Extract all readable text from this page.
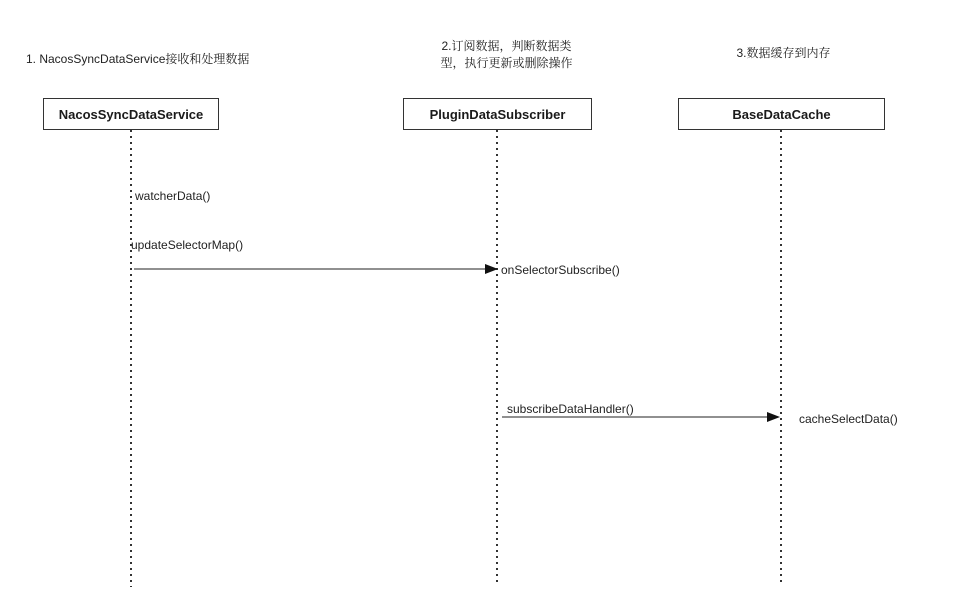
1. NacosSyncDataService接收和处理数据
2.订阅数据，判断数据类
型，执行更新或删除操作
3.数据缓存到内存
NacosSyncDataService	PluginDataSubscriber	BaseDataCache
watcherData()
updateSelectorMap()
onSelectorSubscribe()
subscribeDataHandler()
cacheSelectData()
